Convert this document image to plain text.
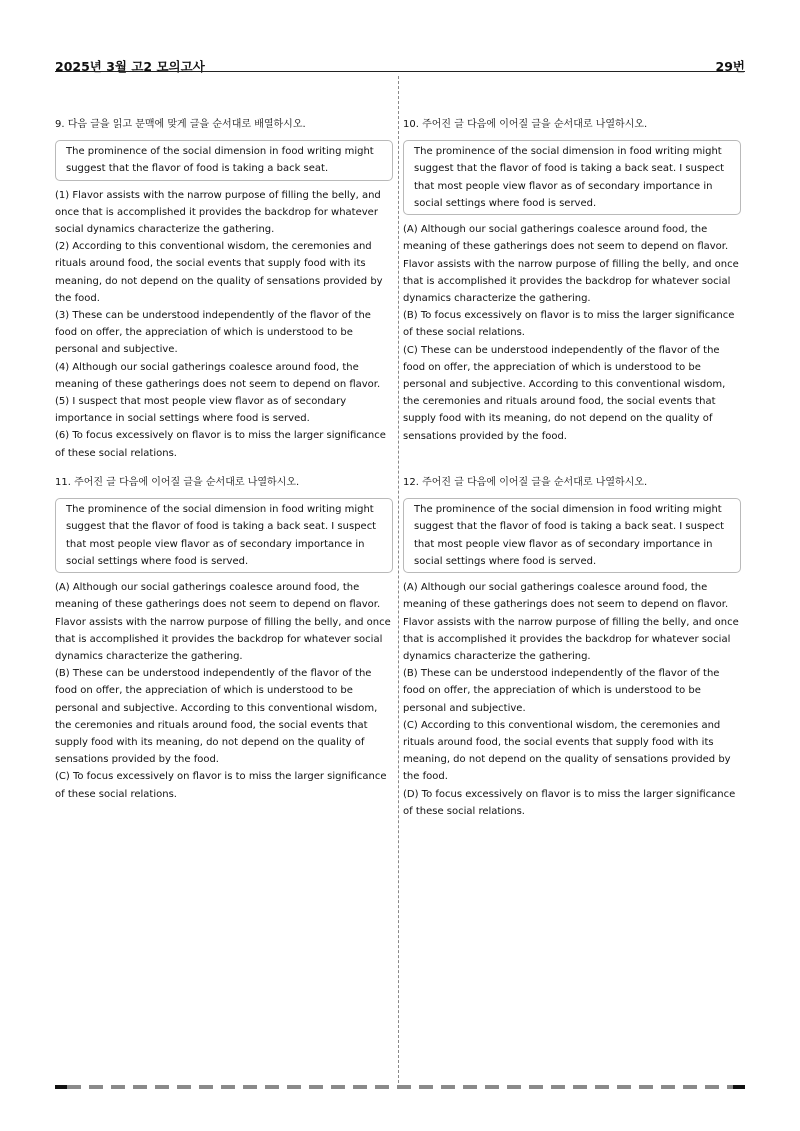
2025년 3월 고2 모의고사	29번
9. 다음 글을 읽고 문맥에 맞게 글을 순서대로 배열하시오.
The prominence of the social dimension in food writing might suggest that the flavor of food is taking a back seat.

(1) Flavor assists with the narrow purpose of filling the belly, and once that is accomplished it provides the backdrop for whatever social dynamics characterize the gathering.

(2) According to this conventional wisdom, the ceremonies and rituals around food, the social events that supply food with its meaning, do not depend on the quality of sensations provided by the food.

(3) These can be understood independently of the flavor of the food on offer, the appreciation of which is understood to be personal and subjective.

(4) Although our social gatherings coalesce around food, the meaning of these gatherings does not seem to depend on flavor.

(5) I suspect that most people view flavor as of secondary importance in social settings where food is served.

(6) To focus excessively on flavor is to miss the larger significance of these social relations.

10. 주어진 글 다음에 이어질 글을 순서대로 나열하시오.
The prominence of the social dimension in food writing might suggest that the flavor of food is taking a back seat. I suspect that most people view flavor as of secondary importance in social settings where food is served.

(A) Although our social gatherings coalesce around food, the meaning of these gatherings does not seem to depend on flavor. Flavor assists with the narrow purpose of filling the belly, and once that is accomplished it provides the backdrop for whatever social dynamics characterize the gathering.

(B) To focus excessively on flavor is to miss the larger significance of these social relations.

(C) These can be understood independently of the flavor of the food on offer, the appreciation of which is understood to be personal and subjective. According to this conventional wisdom, the ceremonies and rituals around food, the social events that supply food with its meaning, do not depend on the quality of sensations provided by the food.

11. 주어진 글 다음에 이어질 글을 순서대로 나열하시오.
The prominence of the social dimension in food writing might suggest that the flavor of food is taking a back seat. I suspect that most people view flavor as of secondary importance in social settings where food is served.

(A) Although our social gatherings coalesce around food, the meaning of these gatherings does not seem to depend on flavor. Flavor assists with the narrow purpose of filling the belly, and once that is accomplished it provides the backdrop for whatever social dynamics characterize the gathering.

(B) These can be understood independently of the flavor of the food on offer, the appreciation of which is understood to be personal and subjective. According to this conventional wisdom, the ceremonies and rituals around food, the social events that supply food with its meaning, do not depend on the quality of sensations provided by the food.

(C) To focus excessively on flavor is to miss the larger significance of these social relations.

12. 주어진 글 다음에 이어질 글을 순서대로 나열하시오.
The prominence of the social dimension in food writing might suggest that the flavor of food is taking a back seat. I suspect that most people view flavor as of secondary importance in social settings where food is served.

(A) Although our social gatherings coalesce around food, the meaning of these gatherings does not seem to depend on flavor. Flavor assists with the narrow purpose of filling the belly, and once that is accomplished it provides the backdrop for whatever social dynamics characterize the gathering.

(B) These can be understood independently of the flavor of the food on offer, the appreciation of which is understood to be personal and subjective.

(C) According to this conventional wisdom, the ceremonies and rituals around food, the social events that supply food with its meaning, do not depend on the quality of sensations provided by the food.

(D) To focus excessively on flavor is to miss the larger significance of these social relations.
